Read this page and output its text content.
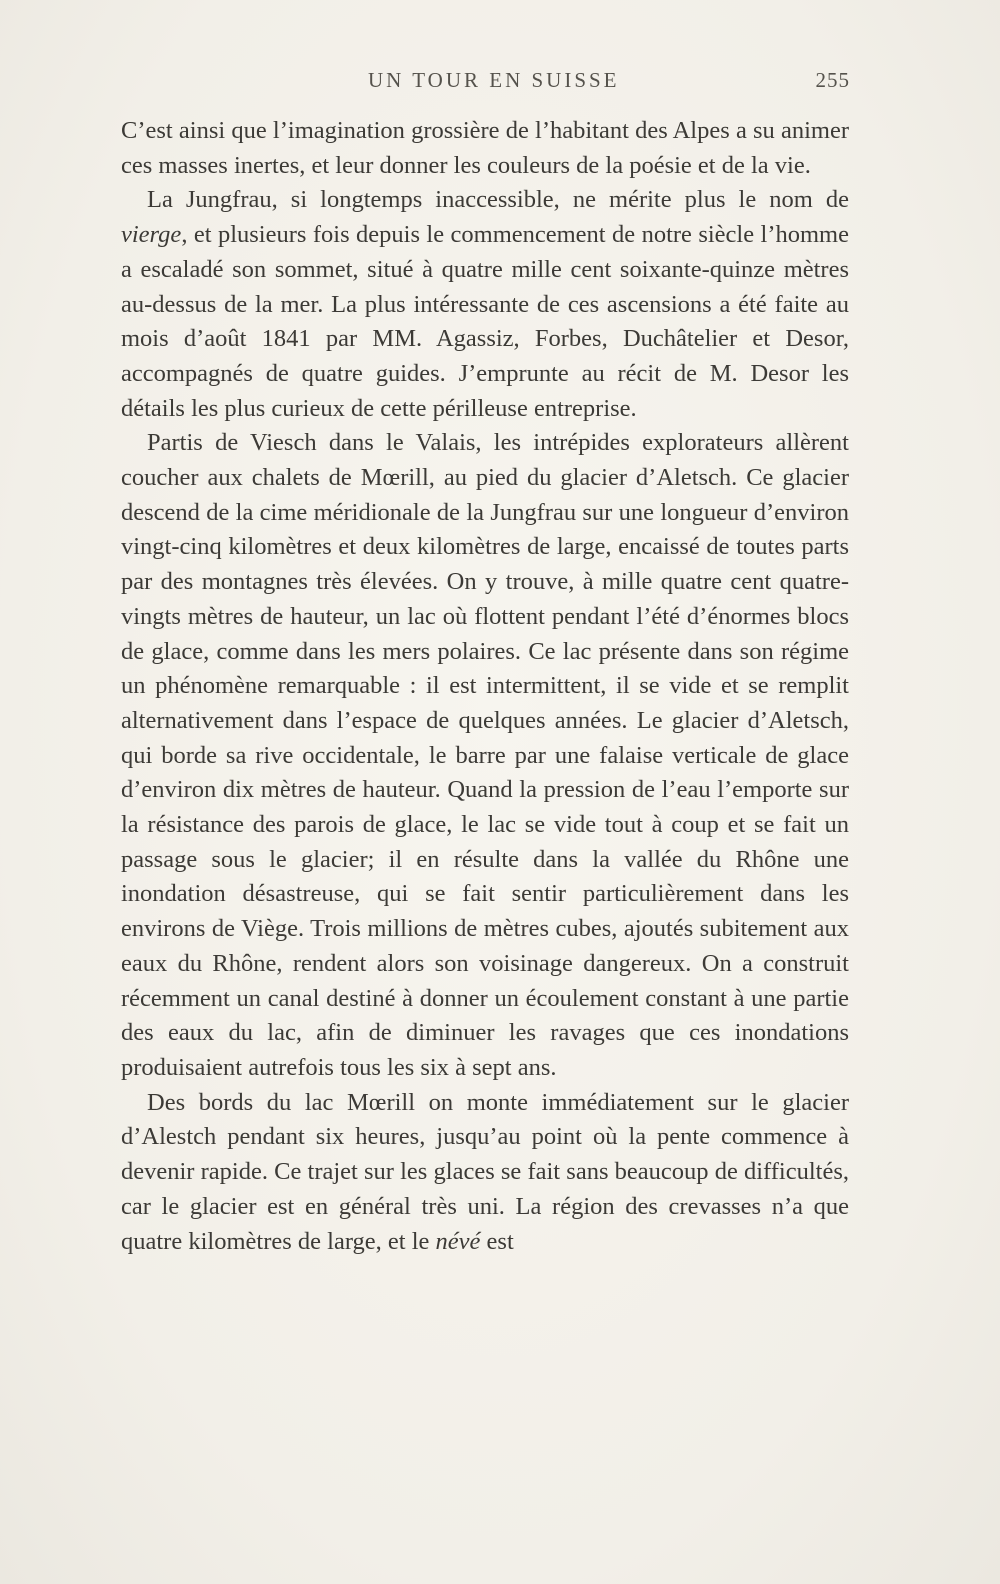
UN TOUR EN SUISSE	255

C’est ainsi que l’imagination grossière de l’habitant des Alpes a su animer ces masses inertes, et leur donner les couleurs de la poésie et de la vie.

La Jungfrau, si longtemps inaccessible, ne mérite plus le nom de vierge, et plusieurs fois depuis le commencement de notre siècle l’homme a escaladé son sommet, situé à quatre mille cent soixante-quinze mètres au-dessus de la mer. La plus intéressante de ces ascensions a été faite au mois d’août 1841 par MM. Agassiz, Forbes, Duchâtelier et Desor, accompagnés de quatre guides. J’emprunte au récit de M. Desor les détails les plus curieux de cette périlleuse entreprise.

Partis de Viesch dans le Valais, les intrépides explorateurs allèrent coucher aux chalets de Mœrill, au pied du glacier d’Aletsch. Ce glacier descend de la cime méridionale de la Jungfrau sur une longueur d’environ vingt-cinq kilomètres et deux kilomètres de large, encaissé de toutes parts par des montagnes très élevées. On y trouve, à mille quatre cent quatre-vingts mètres de hauteur, un lac où flottent pendant l’été d’énormes blocs de glace, comme dans les mers polaires. Ce lac présente dans son régime un phénomène remarquable : il est intermittent, il se vide et se remplit alternativement dans l’espace de quelques années. Le glacier d’Aletsch, qui borde sa rive occidentale, le barre par une falaise verticale de glace d’environ dix mètres de hauteur. Quand la pression de l’eau l’emporte sur la résistance des parois de glace, le lac se vide tout à coup et se fait un passage sous le glacier; il en résulte dans la vallée du Rhône une inondation désastreuse, qui se fait sentir particulièrement dans les environs de Viège. Trois millions de mètres cubes, ajoutés subitement aux eaux du Rhône, rendent alors son voisinage dangereux. On a construit récemment un canal destiné à donner un écoulement constant à une partie des eaux du lac, afin de diminuer les ravages que ces inondations produisaient autrefois tous les six à sept ans.

Des bords du lac Mœrill on monte immédiatement sur le glacier d’Alestch pendant six heures, jusqu’au point où la pente commence à devenir rapide. Ce trajet sur les glaces se fait sans beaucoup de difficultés, car le glacier est en général très uni. La région des crevasses n’a que quatre kilomètres de large, et le névé est
